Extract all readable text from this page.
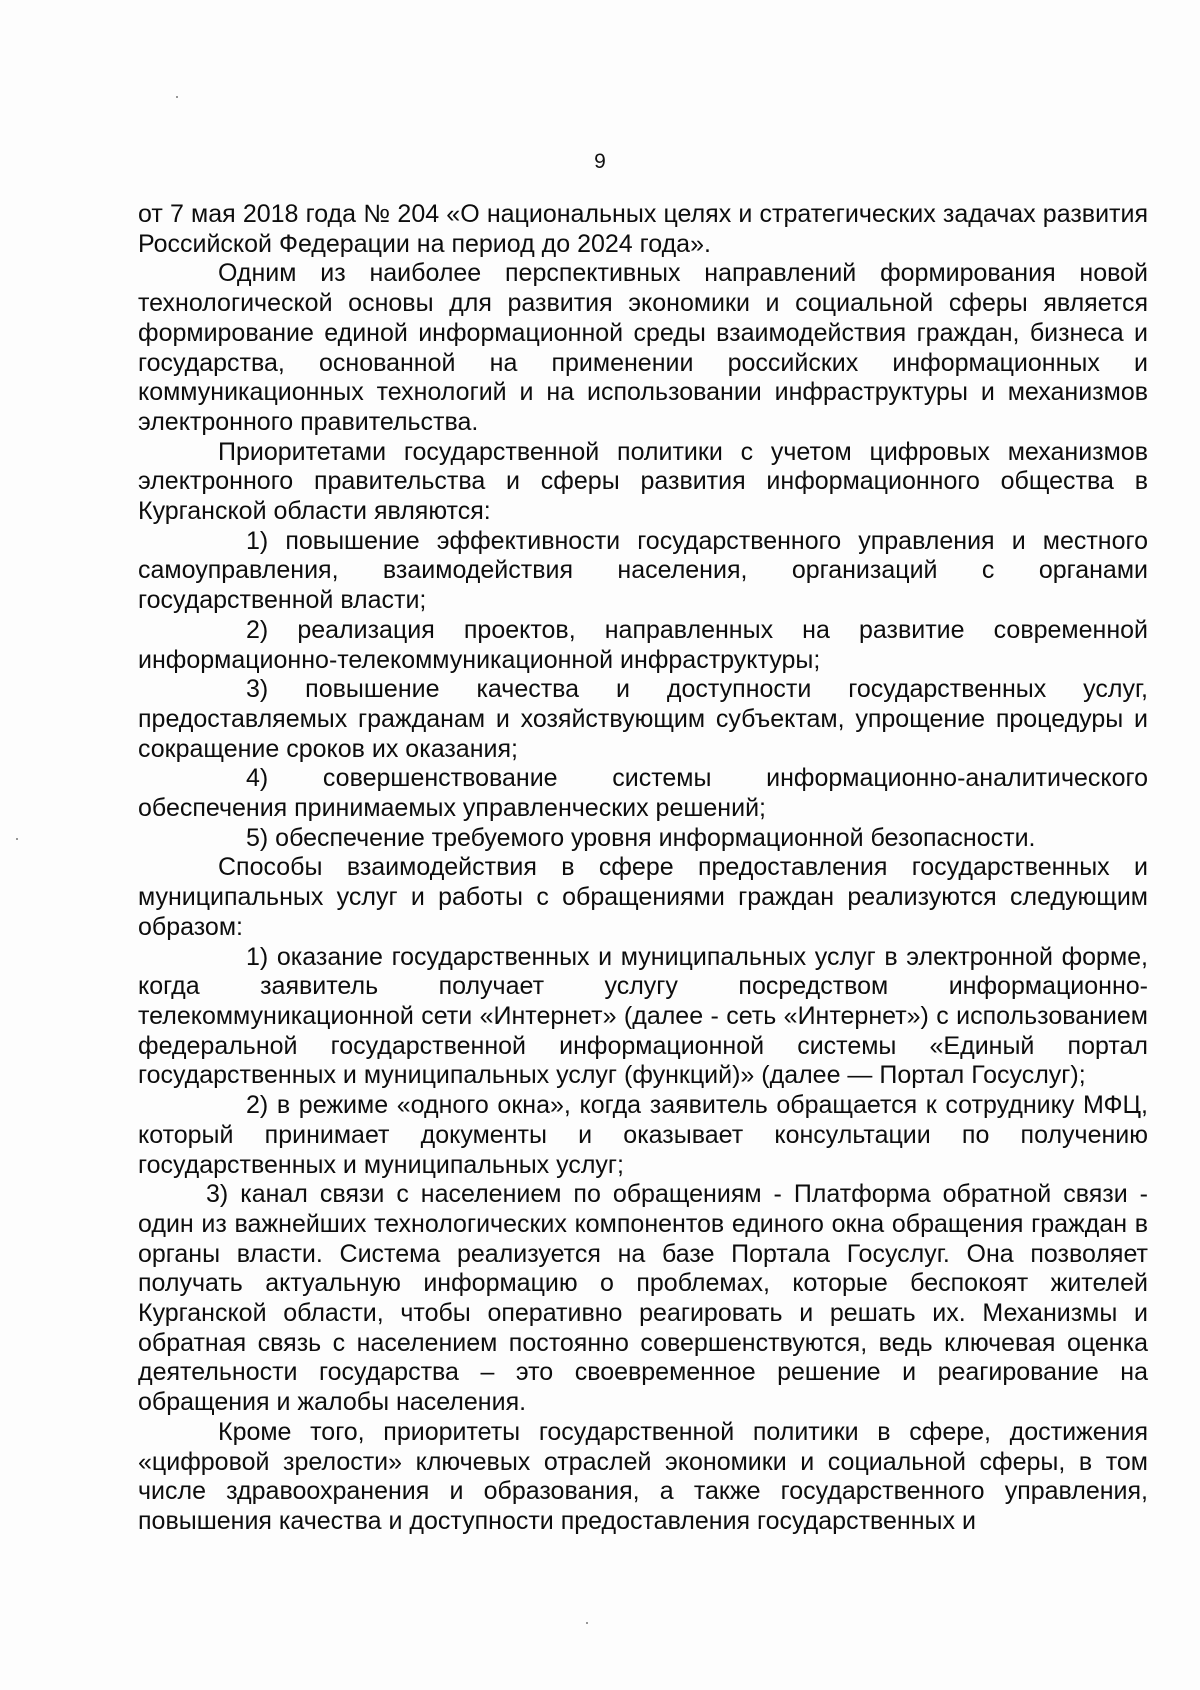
9

от 7 мая 2018 года № 204 «О национальных целях и стратегических задачах развития Российской Федерации на период до 2024 года».

Одним из наиболее перспективных направлений формирования новой технологической основы для развития экономики и социальной сферы является формирование единой информационной среды взаимодействия граждан, бизнеса и государства, основанной на применении российских информационных и коммуникационных технологий и на использовании инфраструктуры и механизмов электронного правительства.

Приоритетами государственной политики с учетом цифровых механизмов электронного правительства и сферы развития информационного общества в Курганской области являются:

1) повышение эффективности государственного управления и местного самоуправления, взаимодействия населения, организаций с органами государственной власти;

2) реализация проектов, направленных на развитие современной информационно-телекоммуникационной инфраструктуры;

3) повышение качества и доступности государственных услуг, предоставляемых гражданам и хозяйствующим субъектам, упрощение процедуры и сокращение сроков их оказания;

4) совершенствование системы информационно-аналитического обеспечения принимаемых управленческих решений;

5) обеспечение требуемого уровня информационной безопасности.

Способы взаимодействия в сфере предоставления государственных и муниципальных услуг и работы с обращениями граждан реализуются следующим образом:

1) оказание государственных и муниципальных услуг в электронной форме, когда заявитель получает услугу посредством информационно-телекоммуникационной сети «Интернет» (далее - сеть «Интернет») с использованием федеральной государственной информационной системы «Единый портал государственных и муниципальных услуг (функций)» (далее — Портал Госуслуг);

2) в режиме «одного окна», когда заявитель обращается к сотруднику МФЦ, который принимает документы и оказывает консультации по получению государственных и муниципальных услуг;

3) канал связи с населением по обращениям - Платформа обратной связи - один из важнейших технологических компонентов единого окна обращения граждан в органы власти. Система реализуется на базе Портала Госуслуг. Она позволяет получать актуальную информацию о проблемах, которые беспокоят жителей Курганской области, чтобы оперативно реагировать и решать их. Механизмы и обратная связь с населением постоянно совершенствуются, ведь ключевая оценка деятельности государства – это своевременное решение и реагирование на обращения и жалобы населения.

Кроме того, приоритеты государственной политики в сфере, достижения «цифровой зрелости» ключевых отраслей экономики и социальной сферы, в том числе здравоохранения и образования, а также государственного управления, повышения качества и доступности предоставления государственных и
